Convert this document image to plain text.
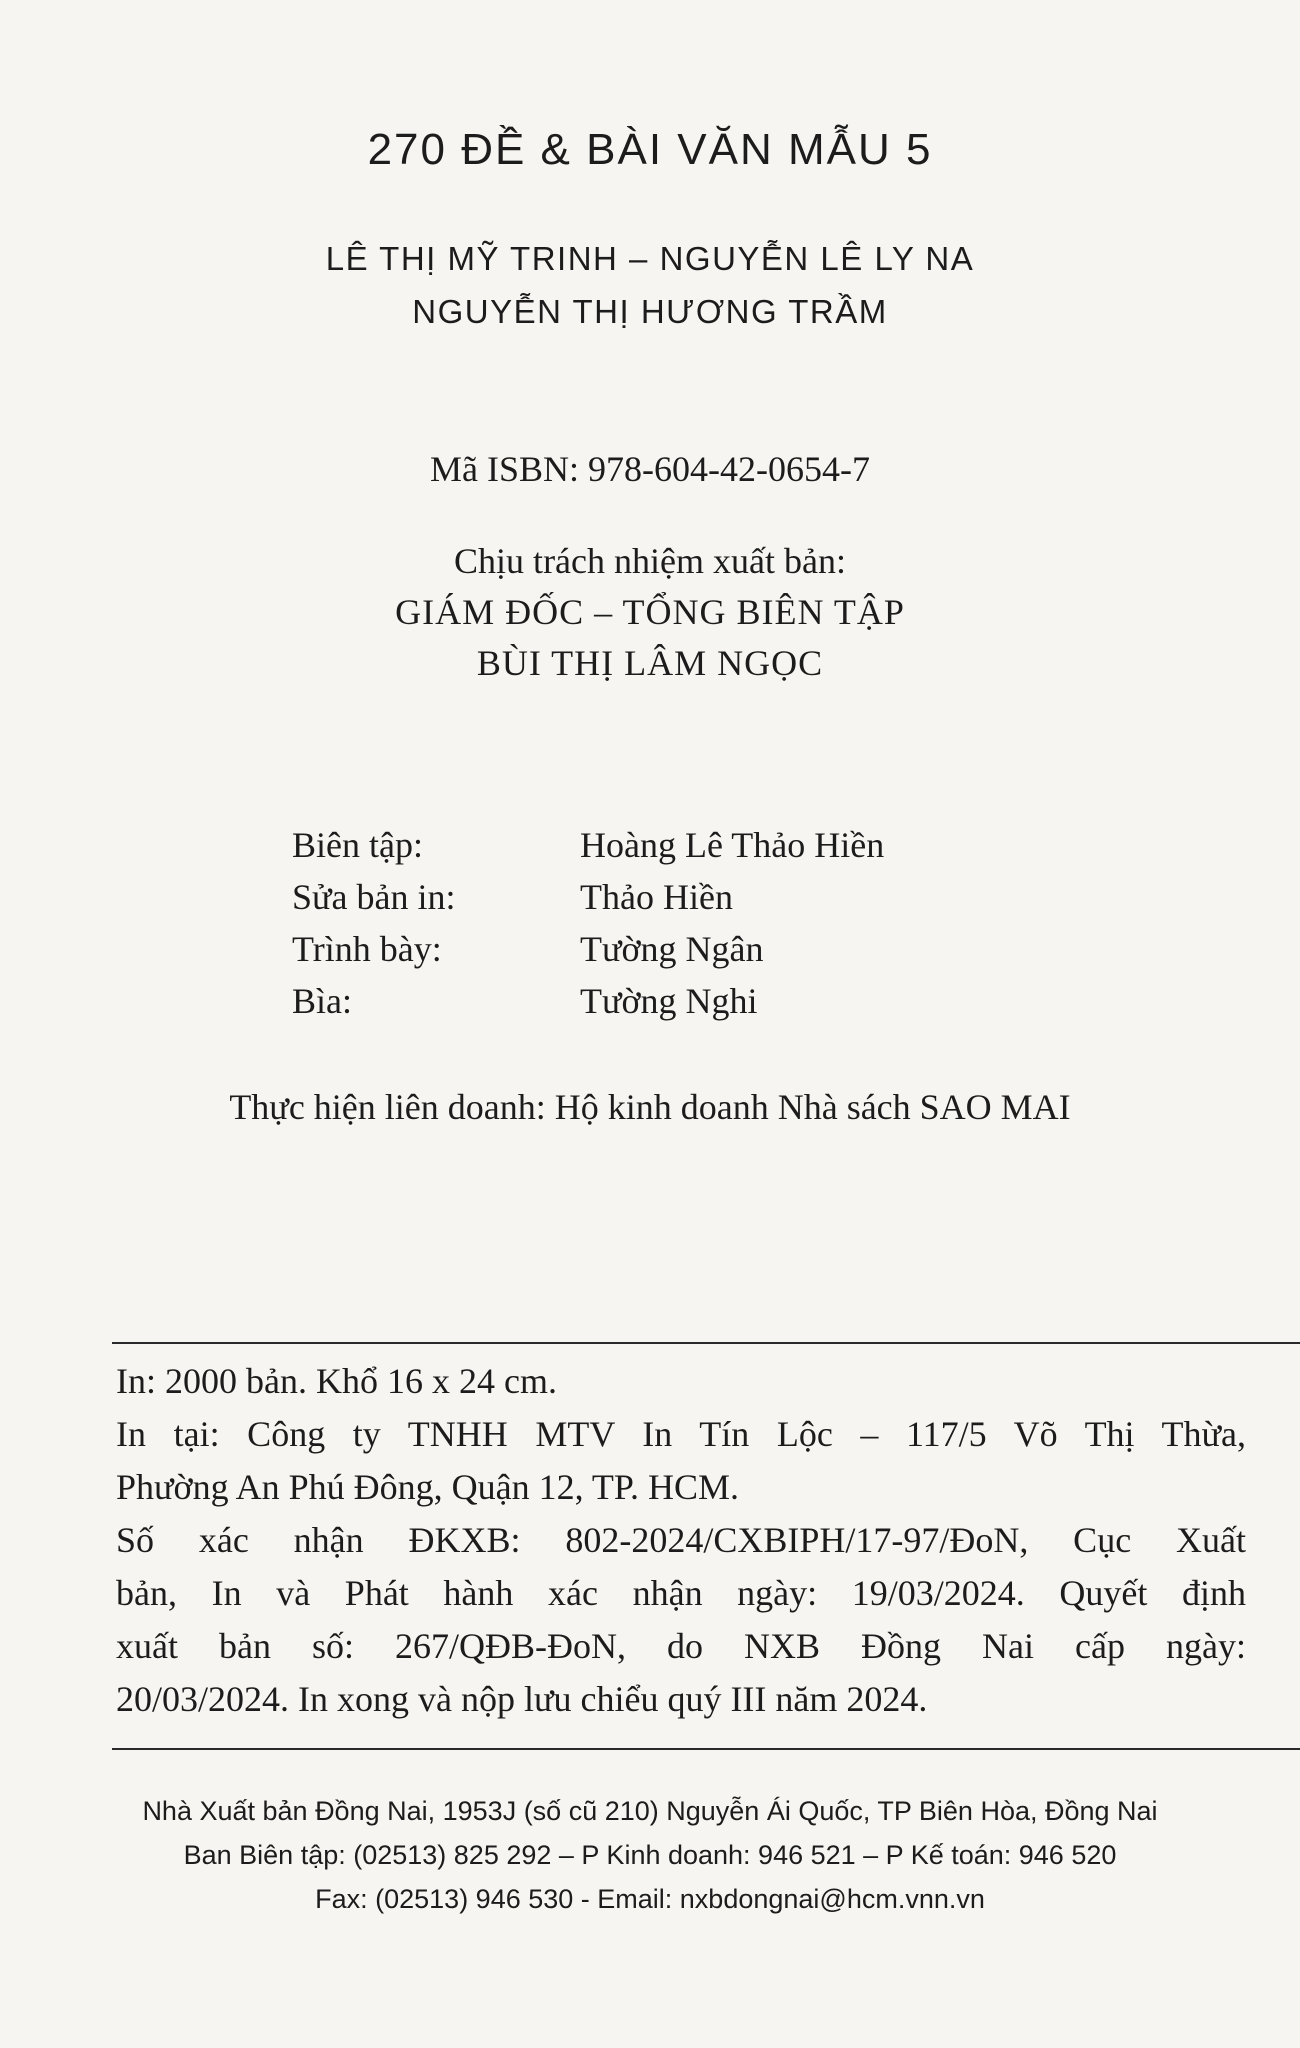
270 ĐỀ & BÀI VĂN MẪU 5
LÊ THỊ MỸ TRINH – NGUYỄN LÊ LY NA
NGUYỄN THỊ HƯƠNG TRẦM
Mã ISBN: 978-604-42-0654-7
Chịu trách nhiệm xuất bản:
GIÁM ĐỐC – TỔNG BIÊN TẬP
BÙI THỊ LÂM NGỌC
Biên tập:	Hoàng Lê Thảo Hiền
Sửa bản in:	Thảo Hiền
Trình bày:	Tường Ngân
Bìa:	Tường Nghi
Thực hiện liên doanh: Hộ kinh doanh Nhà sách SAO MAI
In: 2000 bản. Khổ 16 x 24 cm.
In tại: Công ty TNHH MTV In Tín Lộc – 117/5 Võ Thị Thừa,
Phường An Phú Đông, Quận 12, TP. HCM.
Số xác nhận ĐKXB: 802-2024/CXBIPH/17-97/ĐoN, Cục Xuất
bản, In và Phát hành xác nhận ngày: 19/03/2024. Quyết định
xuất bản số: 267/QĐB-ĐoN, do NXB Đồng Nai cấp ngày:
20/03/2024. In xong và nộp lưu chiểu quý III năm 2024.
Nhà Xuất bản Đồng Nai, 1953J (số cũ 210) Nguyễn Ái Quốc, TP Biên Hòa, Đồng Nai
Ban Biên tập: (02513) 825 292 – P Kinh doanh: 946 521 – P Kế toán: 946 520
Fax: (02513) 946 530 - Email: nxbdongnai@hcm.vnn.vn
